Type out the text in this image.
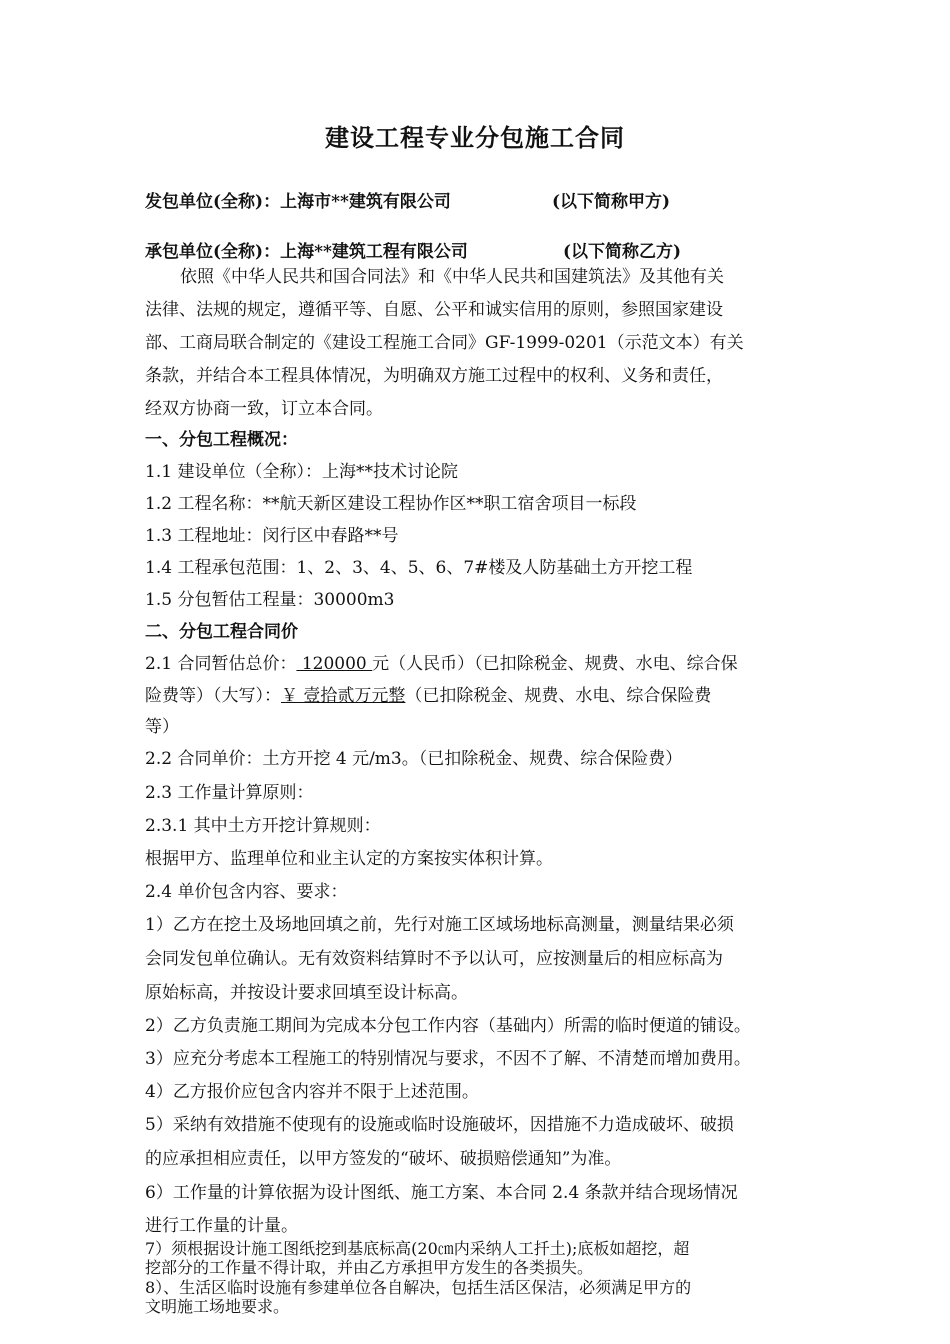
建设工程专业分包施工合同
发包单位(全称)：上海市**建筑有限公司	(以下简称甲方)
承包单位(全称)：上海**建筑工程有限公司	(以下简称乙方)
依照《中华人民共和国合同法》和《中华人民共和国建筑法》及其他有关
法律、法规的规定，遵循平等、自愿、公平和诚实信用的原则，参照国家建设
部、工商局联合制定的《建设工程施工合同》GF-1999-0201（示范文本）有关
条款，并结合本工程具体情况，为明确双方施工过程中的权利、义务和责任，
经双方协商一致，订立本合同。
一、分包工程概况：
1.1 建设单位（全称）：上海**技术讨论院
1.2 工程名称：**航天新区建设工程协作区**职工宿舍项目一标段
1.3 工程地址：闵行区中春路**号
1.4 工程承包范围：1、2、3、4、5、6、7#楼及人防基础土方开挖工程
1.5 分包暂估工程量：30000m3
二、分包工程合同价
2.1 合同暂估总价： 120000 元（人民币）（已扣除税金、规费、水电、综合保
险费等）（大写）：￥ 壹拾贰万元整（已扣除税金、规费、水电、综合保险费
等）
2.2 合同单价：土方开挖 4 元/m3。（已扣除税金、规费、综合保险费）
2.3 工作量计算原则：
2.3.1 其中土方开挖计算规则：
根据甲方、监理单位和业主认定的方案按实体积计算。
2.4 单价包含内容、要求：
1）乙方在挖土及场地回填之前，先行对施工区域场地标高测量，测量结果必须
会同发包单位确认。无有效资料结算时不予以认可，应按测量后的相应标高为
原始标高，并按设计要求回填至设计标高。
2）乙方负责施工期间为完成本分包工作内容（基础内）所需的临时便道的铺设。
3）应充分考虑本工程施工的特别情况与要求，不因不了解、不清楚而增加费用。
4）乙方报价应包含内容并不限于上述范围。
5）采纳有效措施不使现有的设施或临时设施破坏，因措施不力造成破坏、破损
的应承担相应责任，以甲方签发的“破坏、破损赔偿通知”为准。
6）工作量的计算依据为设计图纸、施工方案、本合同 2.4 条款并结合现场情况
进行工作量的计量。
7）须根据设计施工图纸挖到基底标高(20㎝内采纳人工扦土);底板如超挖，超
挖部分的工作量不得计取，并由乙方承担甲方发生的各类损失。
8）、生活区临时设施有参建单位各自解决，包括生活区保洁，必须满足甲方的
文明施工场地要求。
